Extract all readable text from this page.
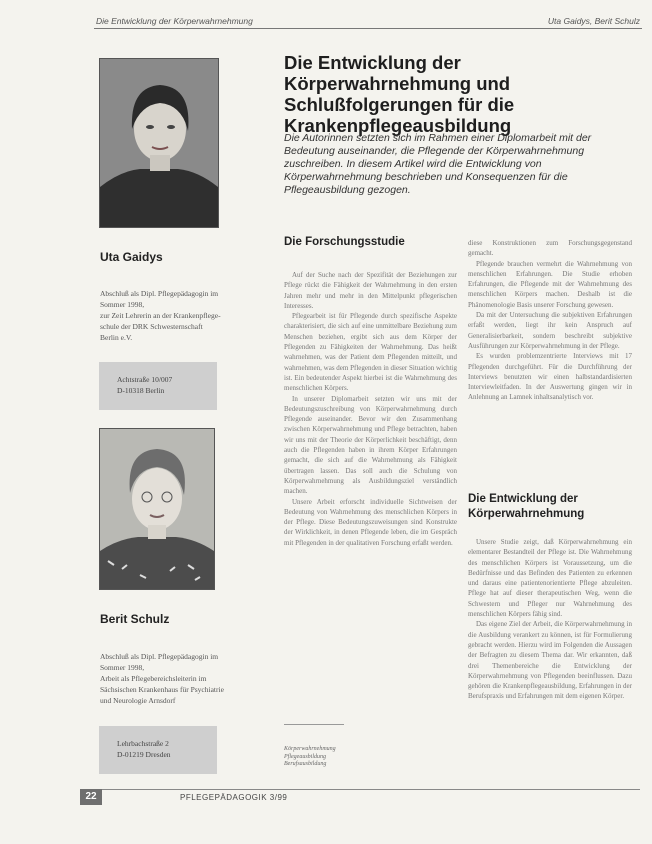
Die Entwicklung der Körperwahrnehmung	Uta Gaidys, Berit Schulz
Die Entwicklung der Körperwahrnehmung und Schlußfolgerungen für die Krankenpflegeausbildung

Die Autorinnen setzten sich im Rahmen einer Diplomarbeit mit der Bedeutung auseinander, die Pflegende der Körperwahrnehmung zuschreiben. In diesem Artikel wird die Entwicklung von Körperwahrnehmung beschrieben und Konsequenzen für die Pflegeausbildung gezogen.

Uta Gaidys
Abschluß als Dipl. Pflegepädagogin im
Sommer 1998,
zur Zeit Lehrerin an der Krankenpflege-
schule der DRK Schwesternschaft
Berlin e.V.
Achtstraße 10/007
D-10318 Berlin
Berit Schulz
Abschluß als Dipl. Pflegepädagogin im
Sommer 1998,
Arbeit als Pflegebereichsleiterin im
Sächsischen Krankenhaus für Psychiatrie
und Neurologie Arnsdorf
Lehrbachstraße 2
D-01219 Dresden
Die Forschungsstudie

Auf der Suche nach der Spezifität der Beziehungen zur Pflege rückt die Fähigkeit der Wahrnehmung in den ersten Jahren mehr und mehr in den Mittelpunkt pflegerischen Interesses.

Pflegearbeit ist für Pflegende durch spezifische Aspekte charakterisiert, die sich auf eine unmittelbare Beziehung zum Menschen beziehen, ergibt sich aus dem Körper der Pflegenden zu Fähigkeiten der Wahrnehmung. Das heißt wahrnehmen, was der Patient dem Pflegenden mitteilt, und wahrnehmen, was dem Pflegenden in dieser Situation wichtig ist. Ein bedeutender Aspekt hierbei ist die Wahrnehmung des menschlichen Körpers.

In unserer Diplomarbeit setzten wir uns mit der Bedeutungszuschreibung von Körperwahrnehmung durch Pflegende auseinander. Bevor wir den Zusammenhang zwischen Körperwahrnehmung und Pflege betrachten, haben wir uns mit der Theorie der Körperlichkeit beschäftigt, denn auch die Pflegenden haben in ihrem Körper Erfahrungen gemacht, die sich auf die Wahrnehmung als Fähigkeit übertragen lassen. Das soll auch die Schulung von Körperwahrnehmung als Ausbildungsziel verständlich machen.

Unsere Arbeit erforscht individuelle Sichtweisen der Bedeutung von Wahrnehmung des menschlichen Körpers in der Pflege. Diese Bedeutungszuweisungen sind Konstrukte der Wirklichkeit, in denen Pflegende leben, die im Gespräch mit Pflegenden in der qualitativen Forschung erfaßt werden.

Körperwahrnehmung
Pflegeausbildung
Berufsausbildung

diese Konstruktionen zum Forschungsgegenstand gemacht.

Pflegende brauchen vermehrt die Wahrnehmung von menschlichen Erfahrungen. Die Studie erhoben Erfahrungen, die Pflegende mit der Wahrnehmung des menschlichen Körpers machen. Deshalb ist die Phänomenologie Basis unserer Forschung gewesen.

Da mit der Untersuchung die subjektiven Erfahrungen erfaßt werden, liegt ihr kein Anspruch auf Generalisierbarkeit, sondern beschreibt subjektive Ausführungen zur Körperwahrnehmung in der Pflege.

Es wurden problemzentrierte Interviews mit 17 Pflegenden durchgeführt. Für die Durchführung der Interviews benutzten wir einen halbstandardisierten Interviewleitfaden. In der Auswertung gingen wir in Anlehnung an Lamnek inhaltsanalytisch vor.

Die Entwicklung der Körperwahrnehmung

Unsere Studie zeigt, daß Körperwahrnehmung ein elementarer Bestandteil der Pflege ist. Die Wahrnehmung des menschlichen Körpers ist Voraussetzung, um die Bedürfnisse und das Befinden des Patienten zu erkennen und daraus eine patientenorientierte Pflege abzuleiten. Pflege hat auf dieser therapeutischen Weg, wenn die Schwestern und Pfleger nur Wahrnehmung des menschlichen Körpers fähig sind.

Das eigene Ziel der Arbeit, die Körperwahrnehmung in die Ausbildung verankert zu können, ist für Formulierung gebracht werden. Hierzu wird im Folgenden die Aussagen der Befragten zu diesem Thema dar. Wir erkannten, daß drei Themenbereiche die Entwicklung der Körperwahrnehmung von Pflegenden beeinflussen. Dazu gehören die Krankenpflegeausbildung, Erfahrungen in der Berufspraxis und Erfahrungen mit dem eigenen Körper.

22	PFLEGEPÄDAGOGIK 3/99
